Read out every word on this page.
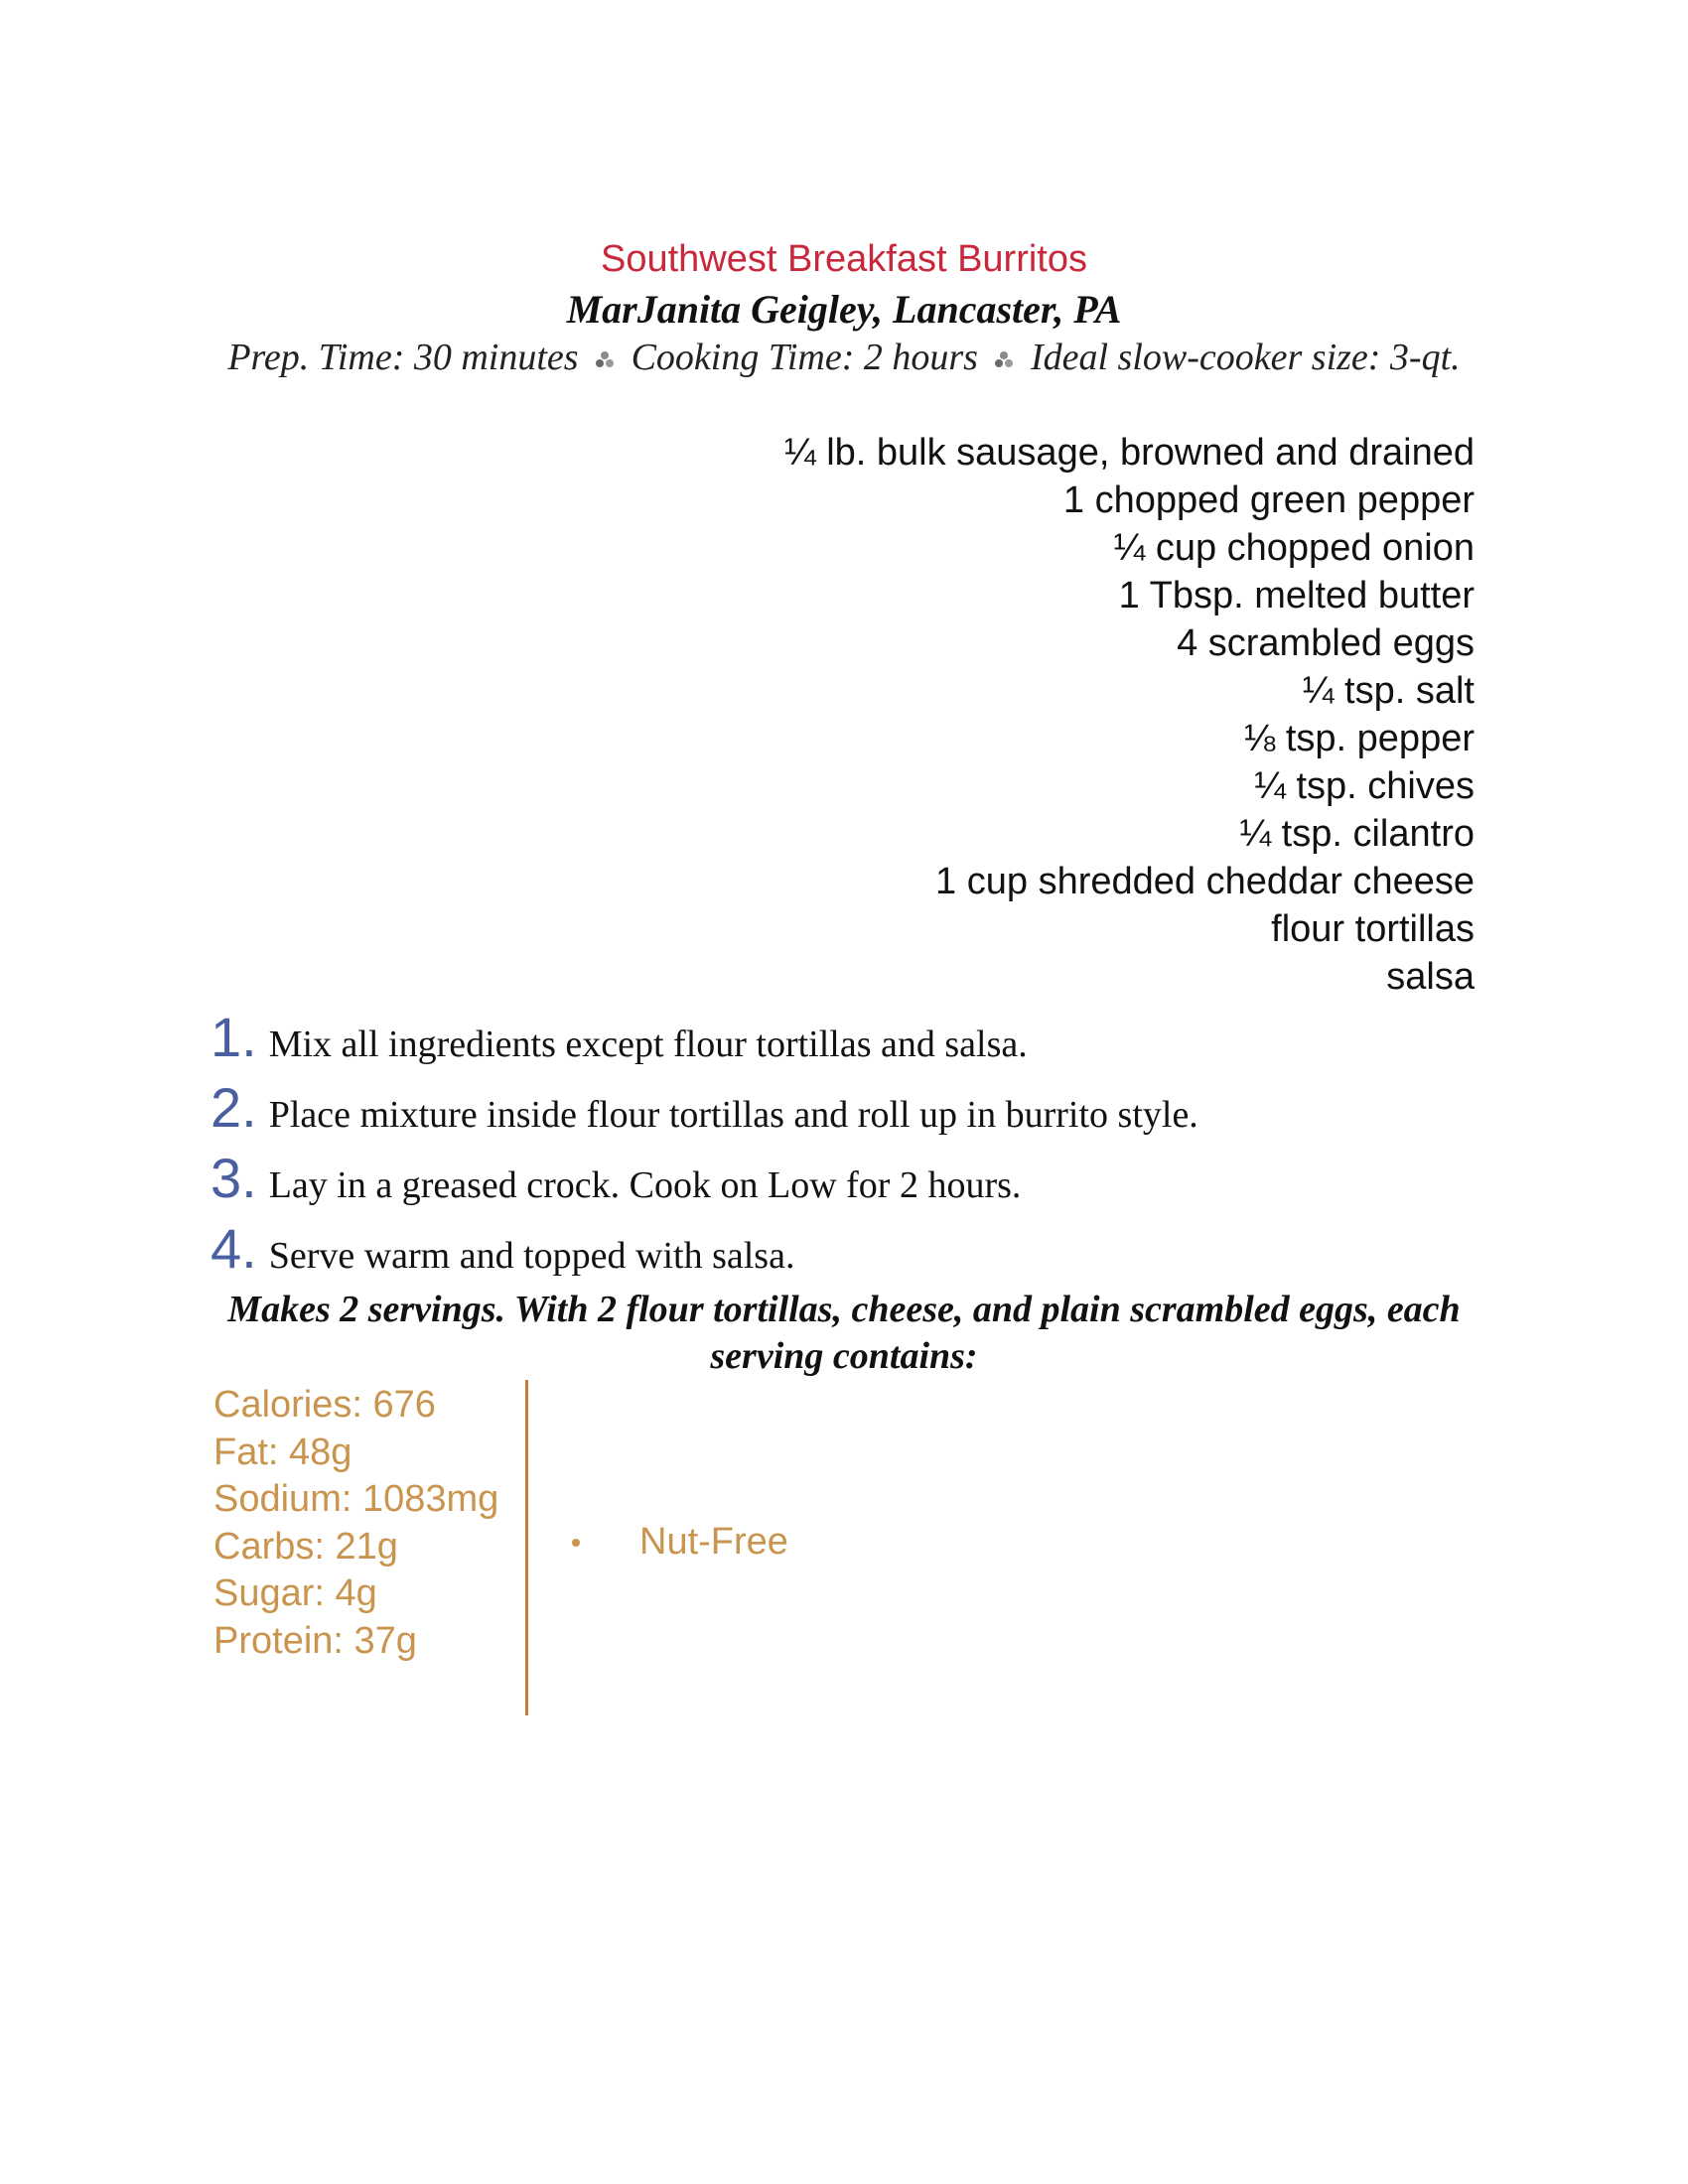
Southwest Breakfast Burritos
MarJanita Geigley, Lancaster, PA
Prep. Time: 30 minutes Cooking Time: 2 hours Ideal slow-cooker size: 3-qt.
¼ lb. bulk sausage, browned and drained
1 chopped green pepper
¼ cup chopped onion
1 Tbsp. melted butter
4 scrambled eggs
¼ tsp. salt
⅛ tsp. pepper
¼ tsp. chives
¼ tsp. cilantro
1 cup shredded cheddar cheese
flour tortillas
salsa
1. Mix all ingredients except flour tortillas and salsa.
2. Place mixture inside flour tortillas and roll up in burrito style.
3. Lay in a greased crock. Cook on Low for 2 hours.
4. Serve warm and topped with salsa.
Makes 2 servings. With 2 flour tortillas, cheese, and plain scrambled eggs, each serving contains:
Calories: 676
Fat: 48g
Sodium: 1083mg
Carbs: 21g
Sugar: 4g
Protein: 37g
Nut-Free
